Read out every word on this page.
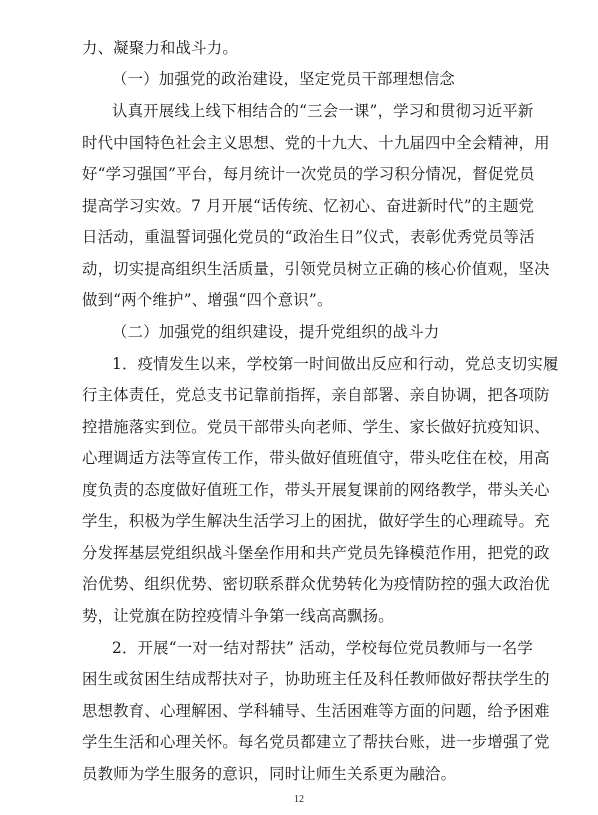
力、凝聚力和战斗力。
（一）加强党的政治建设，坚定党员干部理想信念
认真开展线上线下相结合的“三会一课”，学习和贯彻习近平新
时代中国特色社会主义思想、党的十九大、十九届四中全会精神，用
好“学习强国”平台，每月统计一次党员的学习积分情况，督促党员
提高学习实效。7 月开展“话传统、忆初心、奋进新时代”的主题党
日活动，重温誓词强化党员的“政治生日”仪式，表彰优秀党员等活
动，切实提高组织生活质量，引领党员树立正确的核心价值观，坚决
做到“两个维护”、增强“四个意识”。
（二）加强党的组织建设，提升党组织的战斗力
1．疫情发生以来，学校第一时间做出反应和行动，党总支切实履
行主体责任，党总支书记靠前指挥，亲自部署、亲自协调，把各项防
控措施落实到位。党员干部带头向老师、学生、家长做好抗疫知识、
心理调适方法等宣传工作，带头做好值班值守，带头吃住在校，用高
度负责的态度做好值班工作，带头开展复课前的网络教学，带头关心
学生，积极为学生解决生活学习上的困扰，做好学生的心理疏导。充
分发挥基层党组织战斗堡垒作用和共产党员先锋模范作用，把党的政
治优势、组织优势、密切联系群众优势转化为疫情防控的强大政治优
势，让党旗在防控疫情斗争第一线高高飘扬。
2．开展“一对一结对帮扶” 活动，学校每位党员教师与一名学
困生或贫困生结成帮扶对子，协助班主任及科任教师做好帮扶学生的
思想教育、心理解困、学科辅导、生活困难等方面的问题，给予困难
学生生活和心理关怀。每名党员都建立了帮扶台账，进一步增强了党
员教师为学生服务的意识，同时让师生关系更为融洽。
12
